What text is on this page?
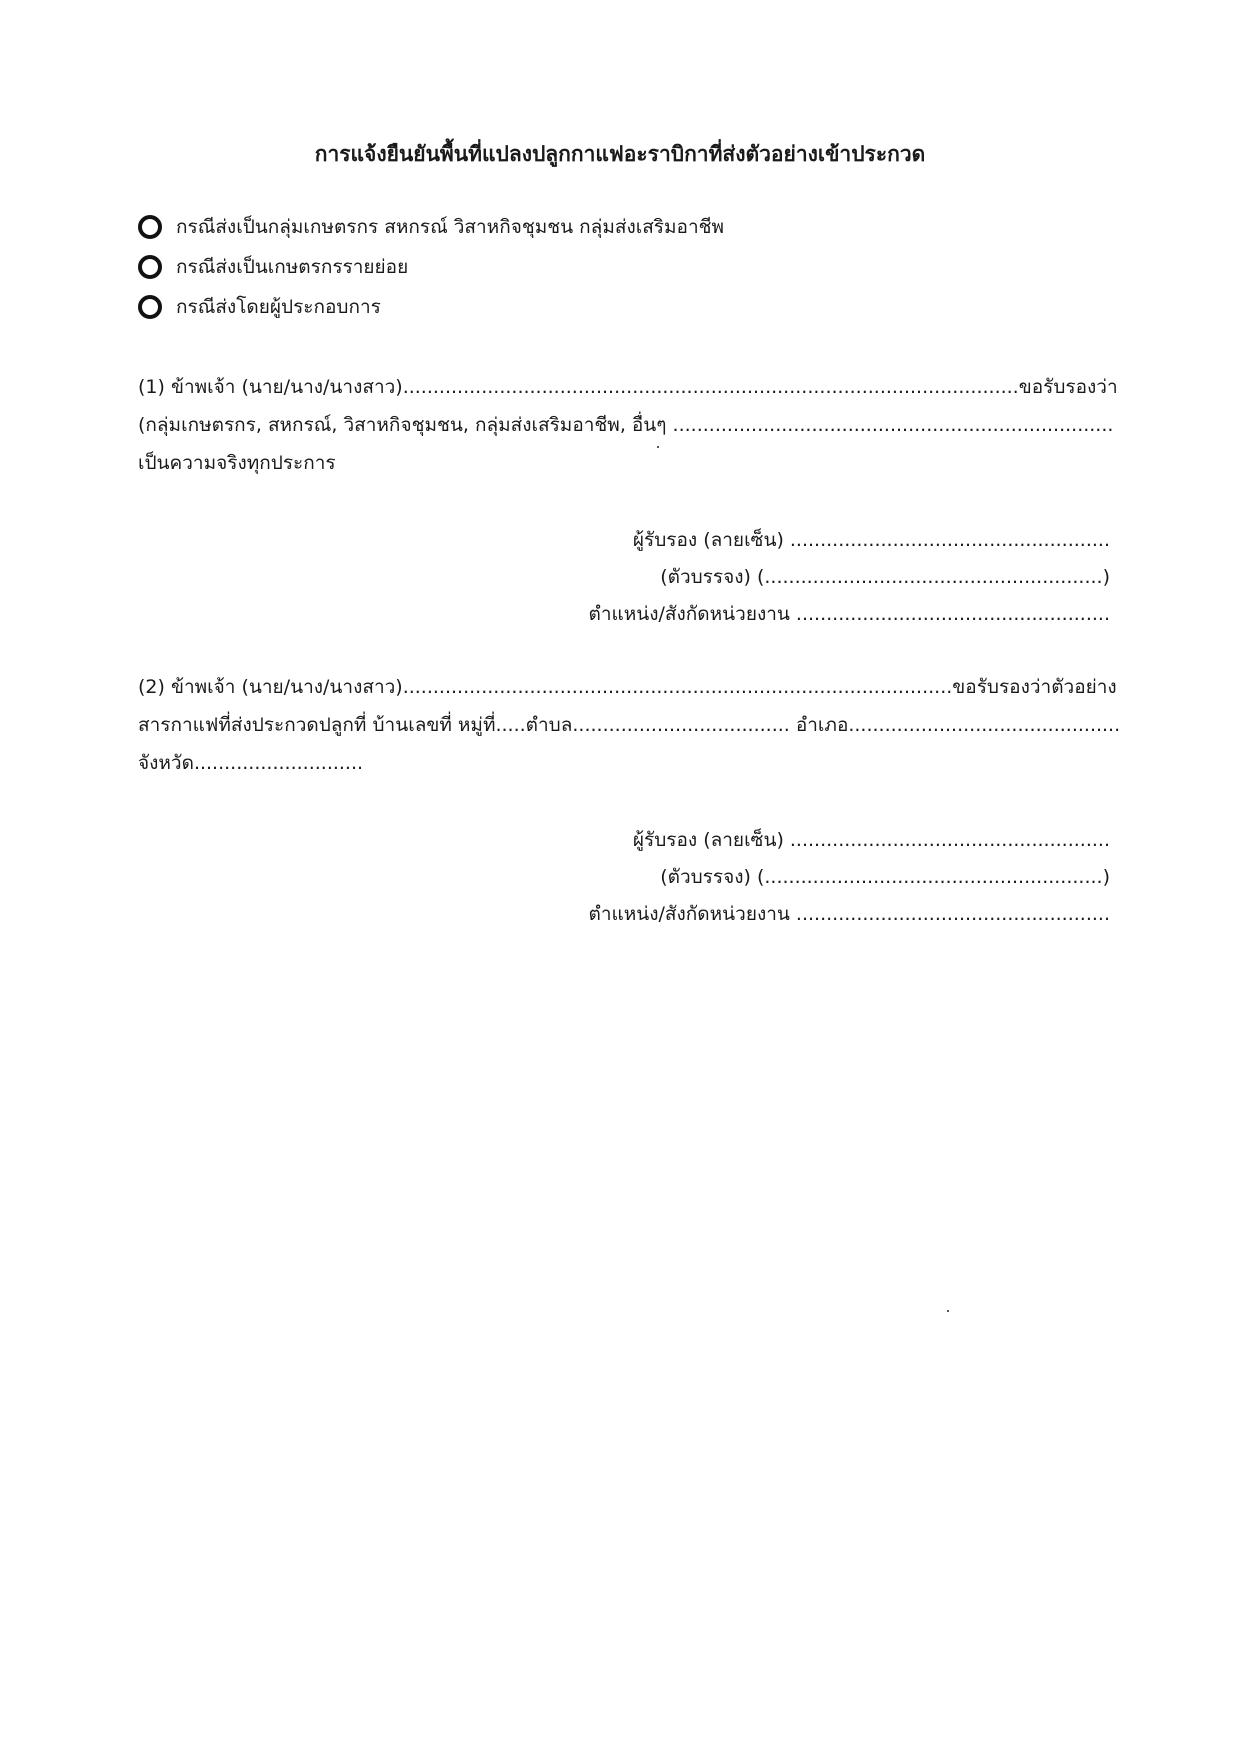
การแจ้งยืนยันพื้นที่แปลงปลูกกาแฟอะราบิกาที่ส่งตัวอย่างเข้าประกวด
กรณีส่งเป็นกลุ่มเกษตรกร สหกรณ์ วิสาหกิจชุมชน กลุ่มส่งเสริมอาชีพ
กรณีส่งเป็นเกษตรกรรายย่อย
กรณีส่งโดยผู้ประกอบการ
(1) ข้าพเจ้า (นาย/นาง/นางสาว)......................................................................................................ขอรับรองว่า
(กลุ่มเกษตรกร, สหกรณ์, วิสาหกิจชุมชน, กลุ่มส่งเสริมอาชีพ, อื่นๆ .........................................................................
เป็นความจริงทุกประการ
ผู้รับรอง (ลายเซ็น) .....................................................
(ตัวบรรจง) (........................................................)
ตำแหน่ง/สังกัดหน่วยงาน ....................................................
(2) ข้าพเจ้า (นาย/นาง/นางสาว)...........................................................................................ขอรับรองว่าตัวอย่าง
สารกาแฟที่ส่งประกวดปลูกที่ บ้านเลขที่ หมู่ที่.....ตำบล.................................... อำเภอ.............................................
จังหวัด............................
ผู้รับรอง (ลายเซ็น) .....................................................
(ตัวบรรจง) (........................................................)
ตำแหน่ง/สังกัดหน่วยงาน ....................................................
